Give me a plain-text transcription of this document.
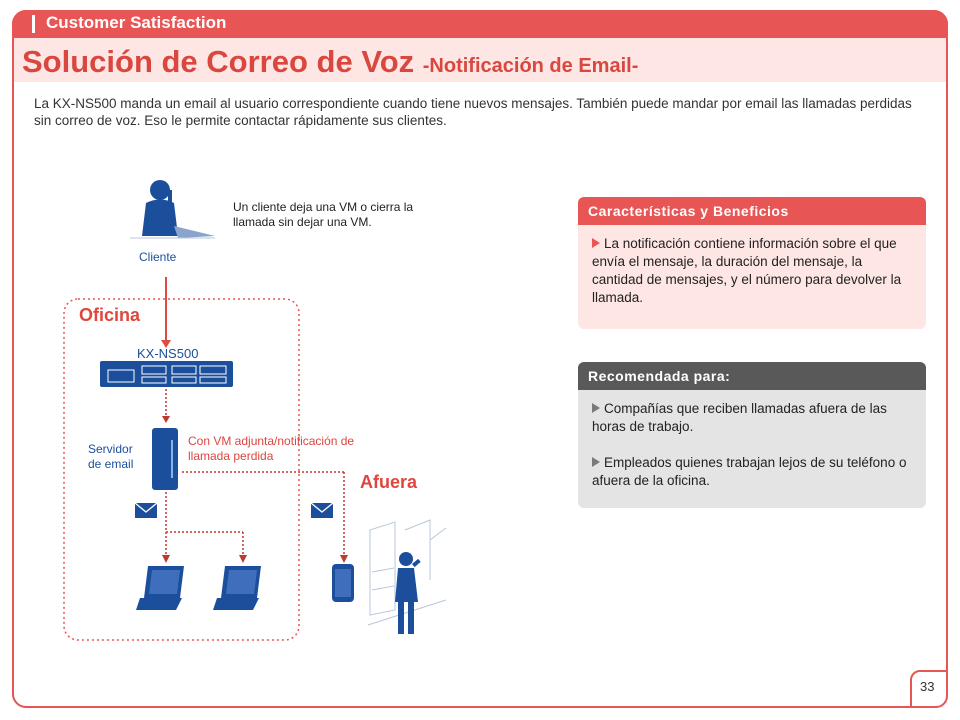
Customer Satisfaction
Solución de Correo de Voz -Notificación de Email-
La KX-NS500 manda un email al usuario correspondiente cuando tiene nuevos mensajes. También puede mandar por email las llamadas perdidas sin correo de voz. Eso le permite contactar rápidamente sus clientes.
Cliente
Un cliente deja una VM o cierra la llamada sin dejar una VM.
Oficina
KX-NS500
Servidor de email
Con VM adjunta/notificación de llamada perdida
Afuera
Características y Beneficios
La notificación contiene información sobre el que envía el mensaje, la duración del mensaje, la cantidad de mensajes, y el número para devolver la llamada.
Recomendada para:
Compañías que reciben llamadas afuera de las horas de trabajo.
Empleados quienes trabajan lejos de su teléfono o afuera de la oficina.
33
